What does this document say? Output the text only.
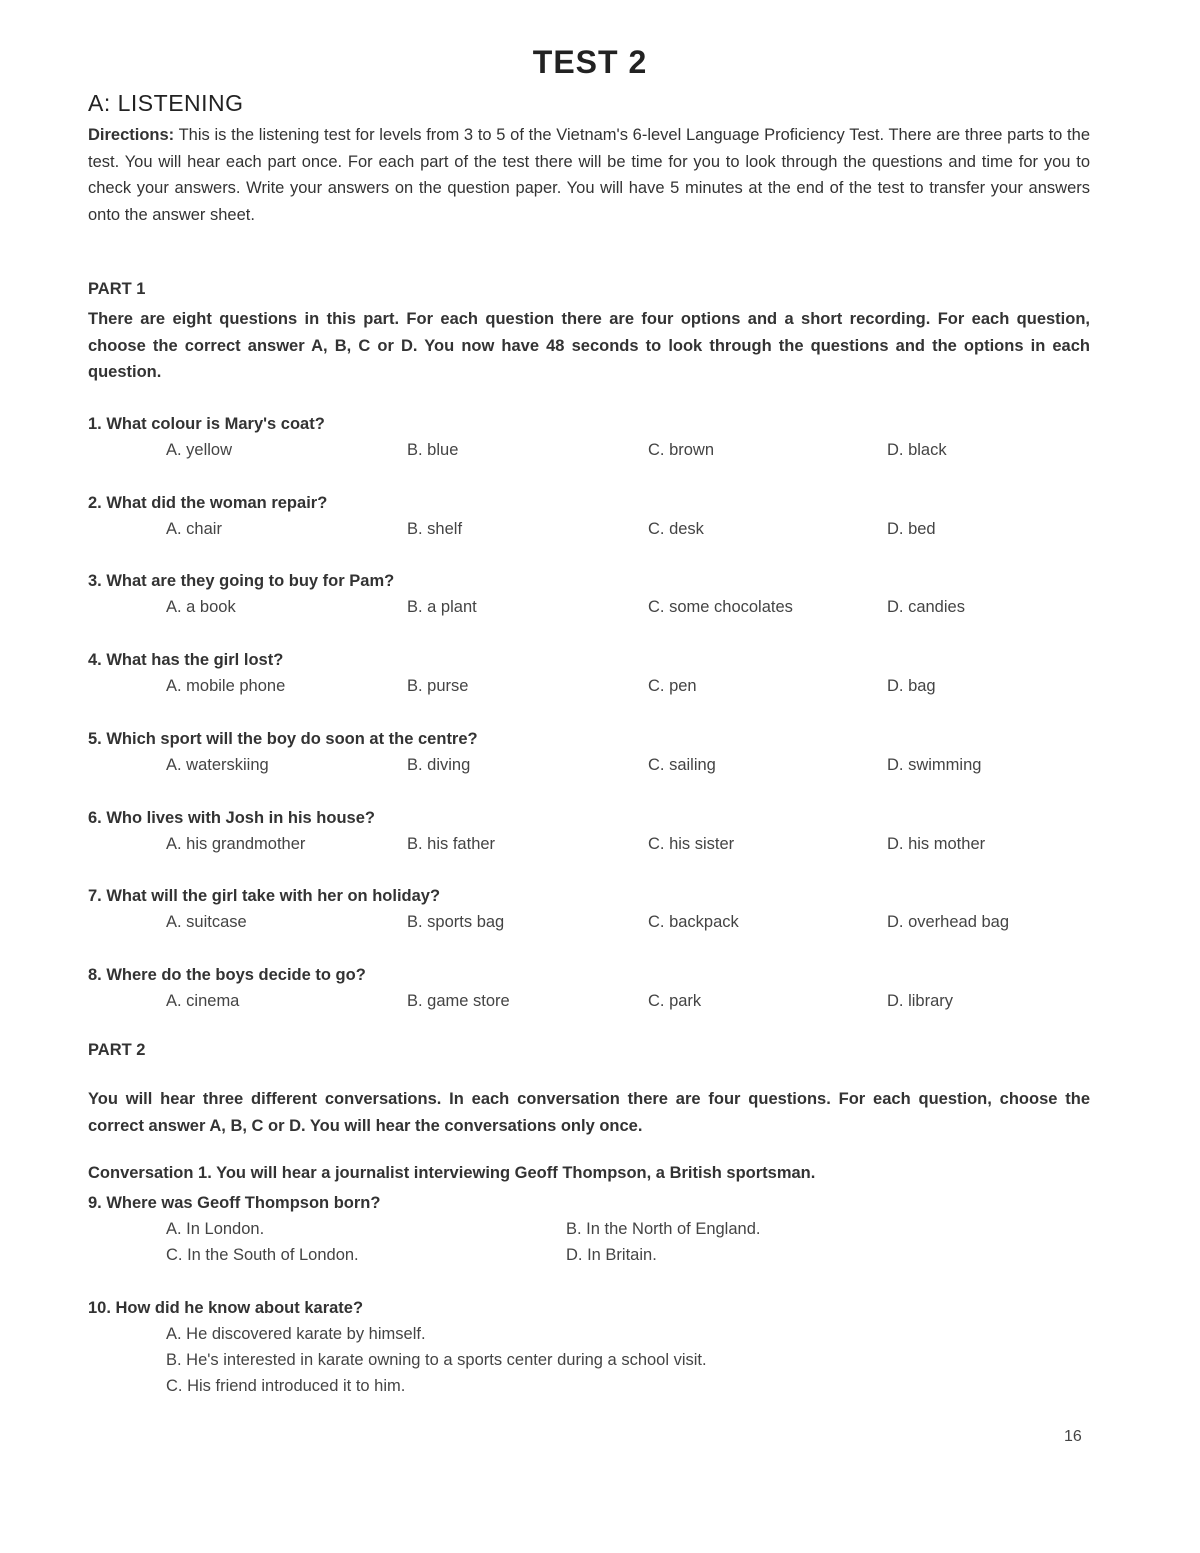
TEST 2
A: LISTENING
Directions: This is the listening test for levels from 3 to 5 of the Vietnam's 6-level Language Proficiency Test. There are three parts to the test. You will hear each part once. For each part of the test there will be time for you to look through the questions and time for you to check your answers. Write your answers on the question paper. You will have 5 minutes at the end of the test to transfer your answers onto the answer sheet.
PART 1
There are eight questions in this part. For each question there are four options and a short recording. For each question, choose the correct answer A, B, C or D. You now have 48 seconds to look through the questions and the options in each question.
1. What colour is Mary's coat?
A. yellow	B. blue	C. brown	D. black
2. What did the woman repair?
A. chair	B. shelf	C. desk	D. bed
3. What are they going to buy for Pam?
A. a book	B. a plant	C. some chocolates	D. candies
4. What has the girl lost?
A. mobile phone	B. purse	C. pen	D. bag
5. Which sport will the boy do soon at the centre?
A. waterskiing	B. diving	C. sailing	D. swimming
6. Who lives with Josh in his house?
A. his grandmother	B. his father	C. his sister	D. his mother
7. What will the girl take with her on holiday?
A. suitcase	B. sports bag	C. backpack	D. overhead bag
8. Where do the boys decide to go?
A. cinema	B. game store	C. park	D. library
PART 2
You will hear three different conversations. In each conversation there are four questions. For each question, choose the correct answer A, B, C or D. You will hear the conversations only once.
Conversation 1. You will hear a journalist interviewing Geoff Thompson, a British sportsman.
9. Where was Geoff Thompson born?
A. In London.	B. In the North of England.
C. In the South of London.	D. In Britain.
10. How did he know about karate?
A. He discovered karate by himself.
B. He's interested in karate owning to a sports center during a school visit.
C. His friend introduced it to him.
16
